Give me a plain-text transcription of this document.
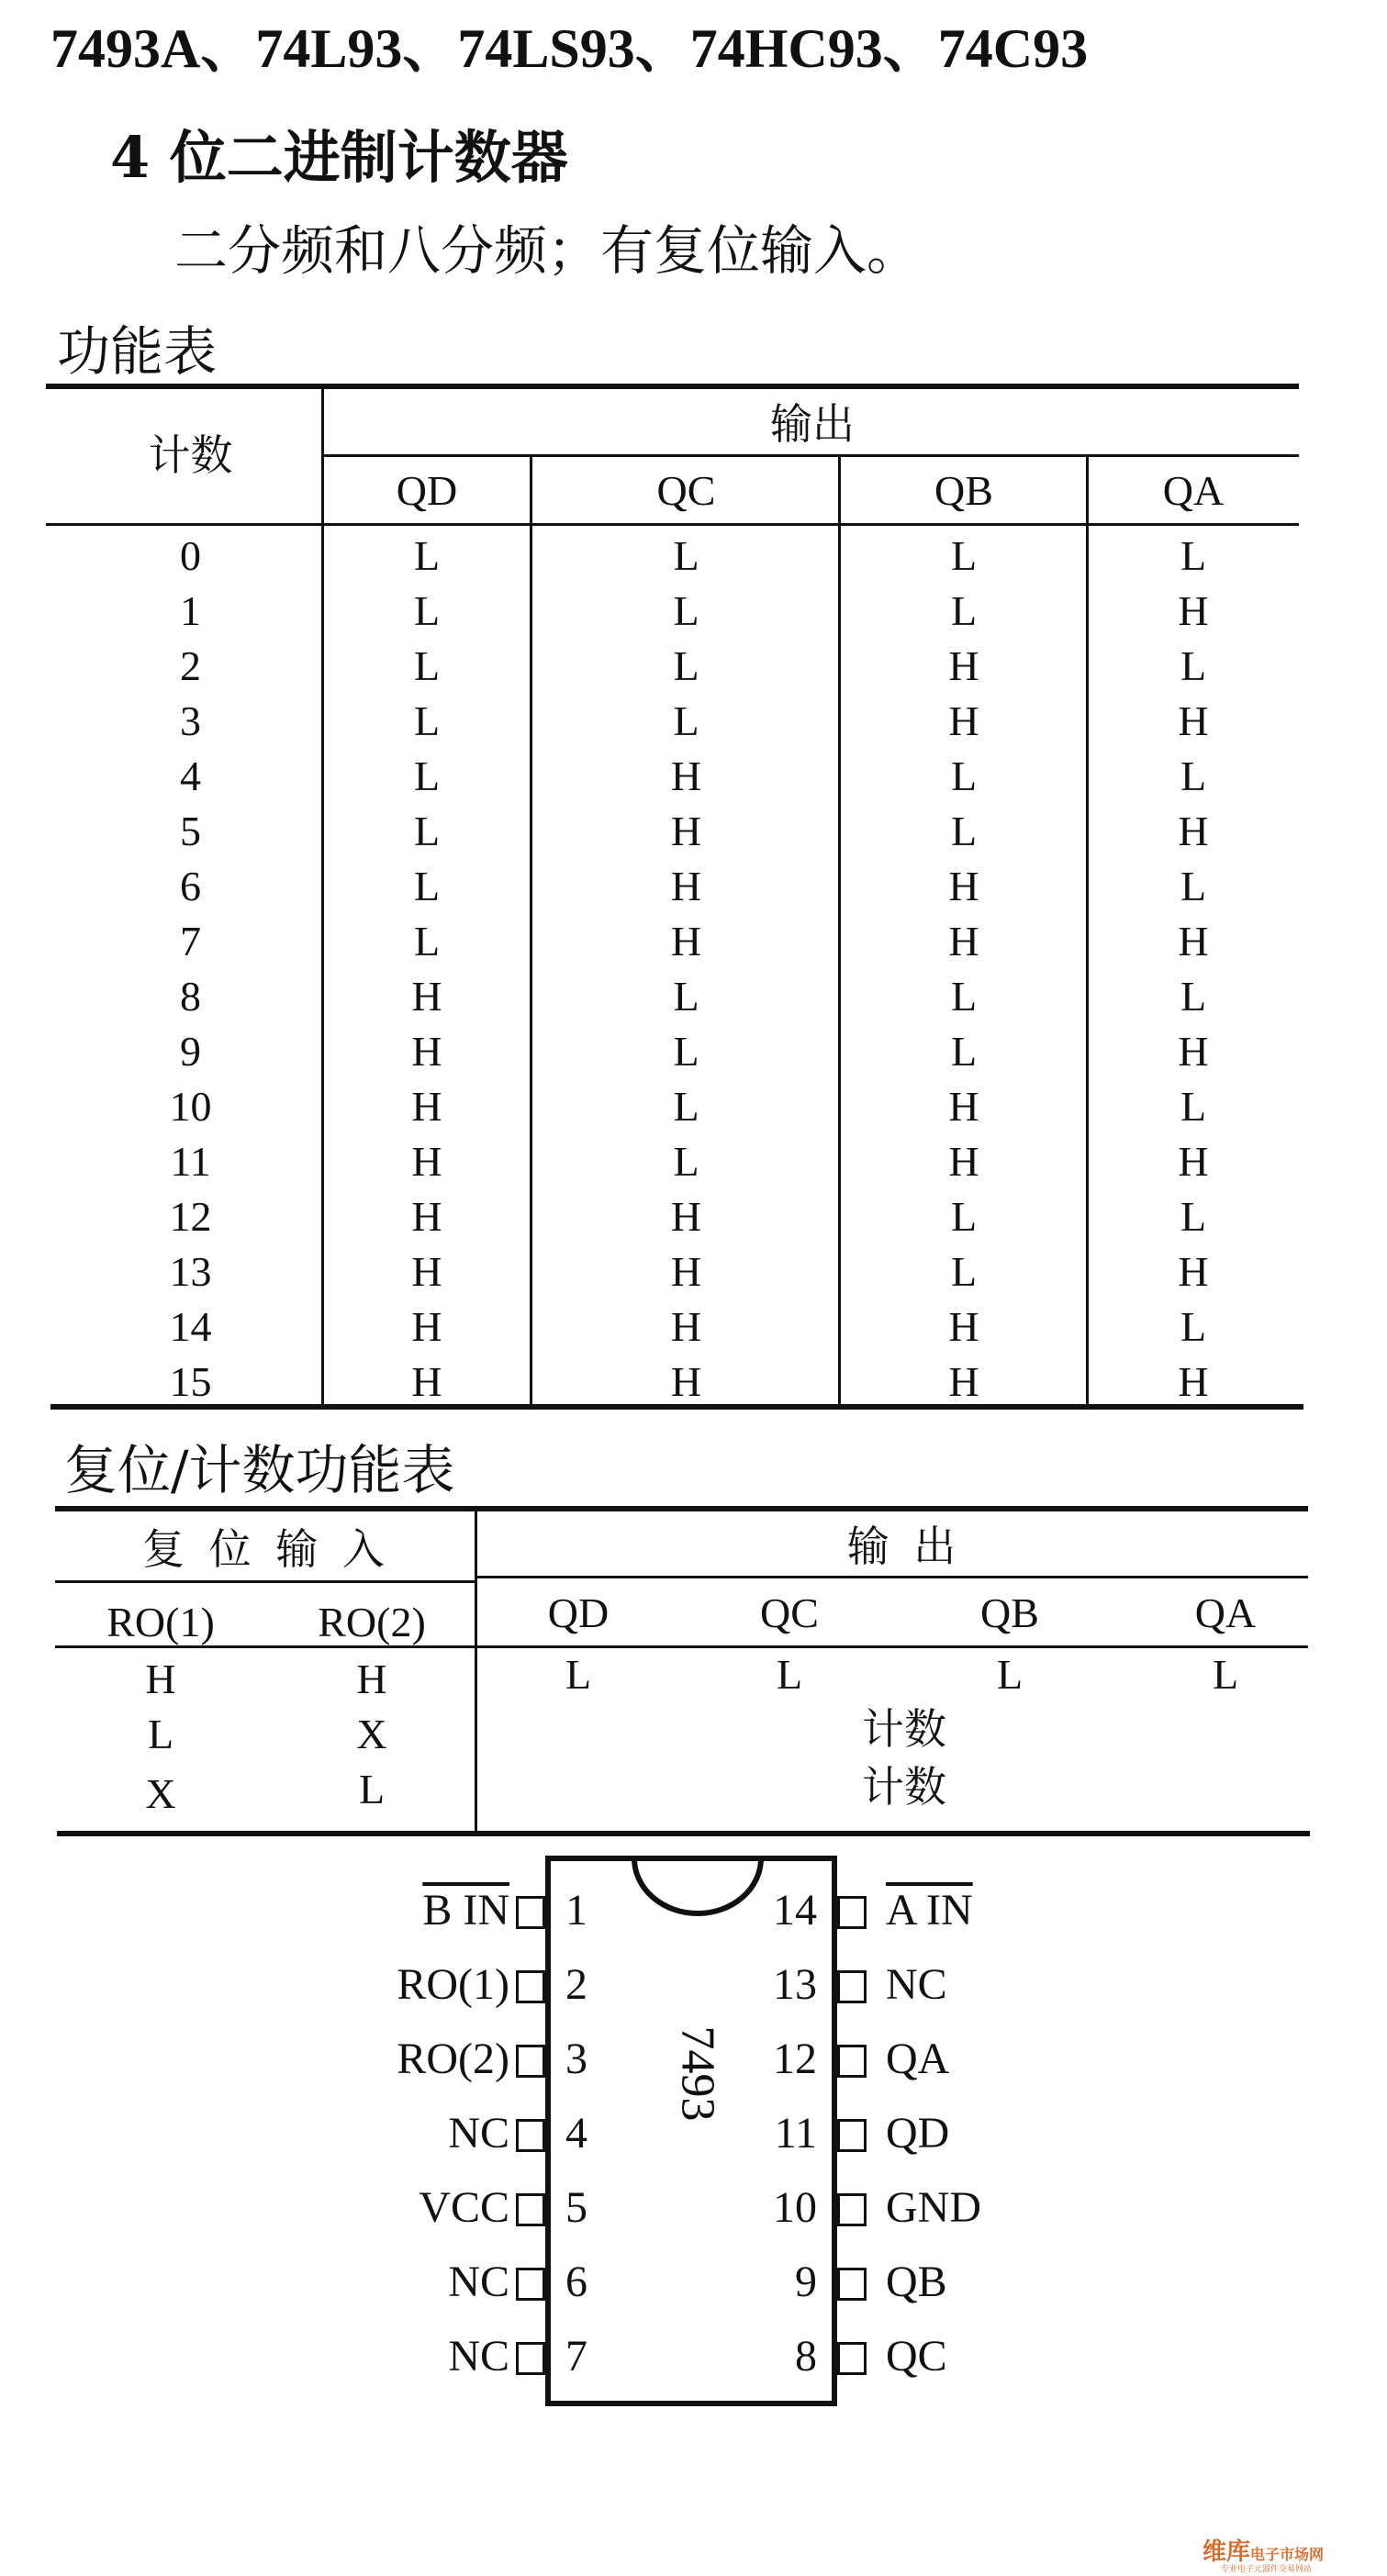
7493A、74L93、74LS93、74HC93、74C93
4 位二进制计数器
二分频和八分频；有复位输入。
功能表
计数
输出
QD	QC	QB	QA
0	L	L	L	L
1	L	L	L	H
2	L	L	H	L
3	L	L	H	H
4	L	H	L	L
5	L	H	L	H
6	L	H	H	L
7	L	H	H	H
8	H	L	L	L
9	H	L	L	H
10	H	L	H	L
11	H	L	H	H
12	H	H	L	L
13	H	H	L	H
14	H	H	H	L
15	H	H	H	H
复位/计数功能表
复 位 输 入	输 出
RO(1)	RO(2)	QD	QC	QB	QA
H	H	L	L	L	L
L	X	计数
X	L	计数
7493
B IN 1
RO(1) 2
RO(2) 3
NC 4
VCC 5
NC 6
NC 7
14 A IN
13 NC
12 QA
11 QD
10 GND
9 QB
8 QC
维库电子市场网
专业电子元器件交易网站
